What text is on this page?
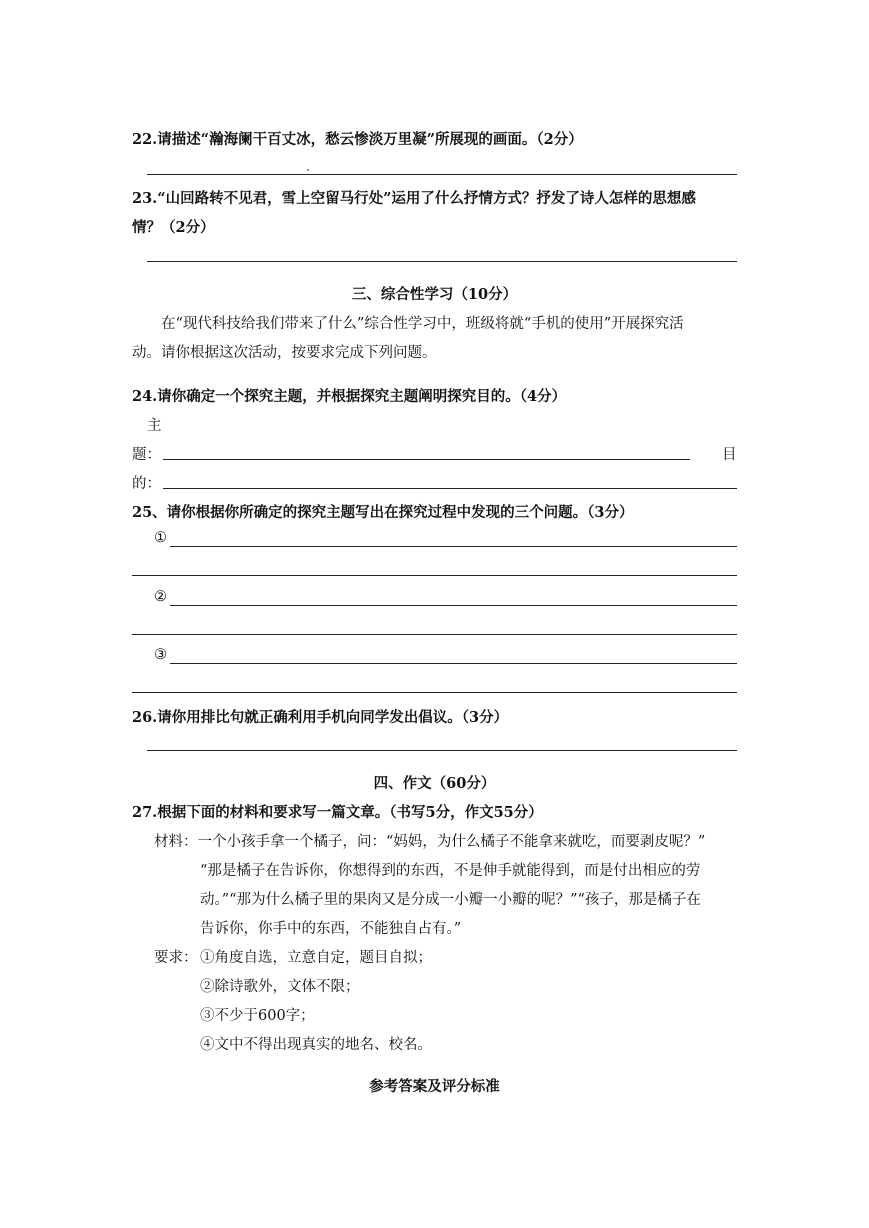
22.请描述“瀚海阑干百丈冰，愁云惨淡万里凝”所展现的画面。（2分）
23.“山回路转不见君，雪上空留马行处”运用了什么抒情方式？抒发了诗人怎样的思想感
情？（2分）
三、综合性学习（10分）
在“现代科技给我们带来了什么”综合性学习中，班级将就“手机的使用”开展探究活
动。请你根据这次活动，按要求完成下列问题。
24.请你确定一个探究主题，并根据探究主题阐明探究目的。（4分）
主
题：	目
的：
25、请你根据你所确定的探究主题写出在探究过程中发现的三个问题。（3分）
①
②
③
26.请你用排比句就正确利用手机向同学发出倡议。（3分）
四、作文（60分）
27.根据下面的材料和要求写一篇文章。（书写5分，作文55分）
材料：一个小孩手拿一个橘子，问：“妈妈，为什么橘子不能拿来就吃，而要剥皮呢？”
“那是橘子在告诉你，你想得到的东西，不是伸手就能得到，而是付出相应的劳
动。”“那为什么橘子里的果肉又是分成一小瓣一小瓣的呢？”“孩子，那是橘子在
告诉你，你手中的东西，不能独自占有。”
要求： ①角度自选，立意自定，题目自拟；
②除诗歌外，文体不限；
③不少于600字；
④文中不得出现真实的地名、校名。
参考答案及评分标准
